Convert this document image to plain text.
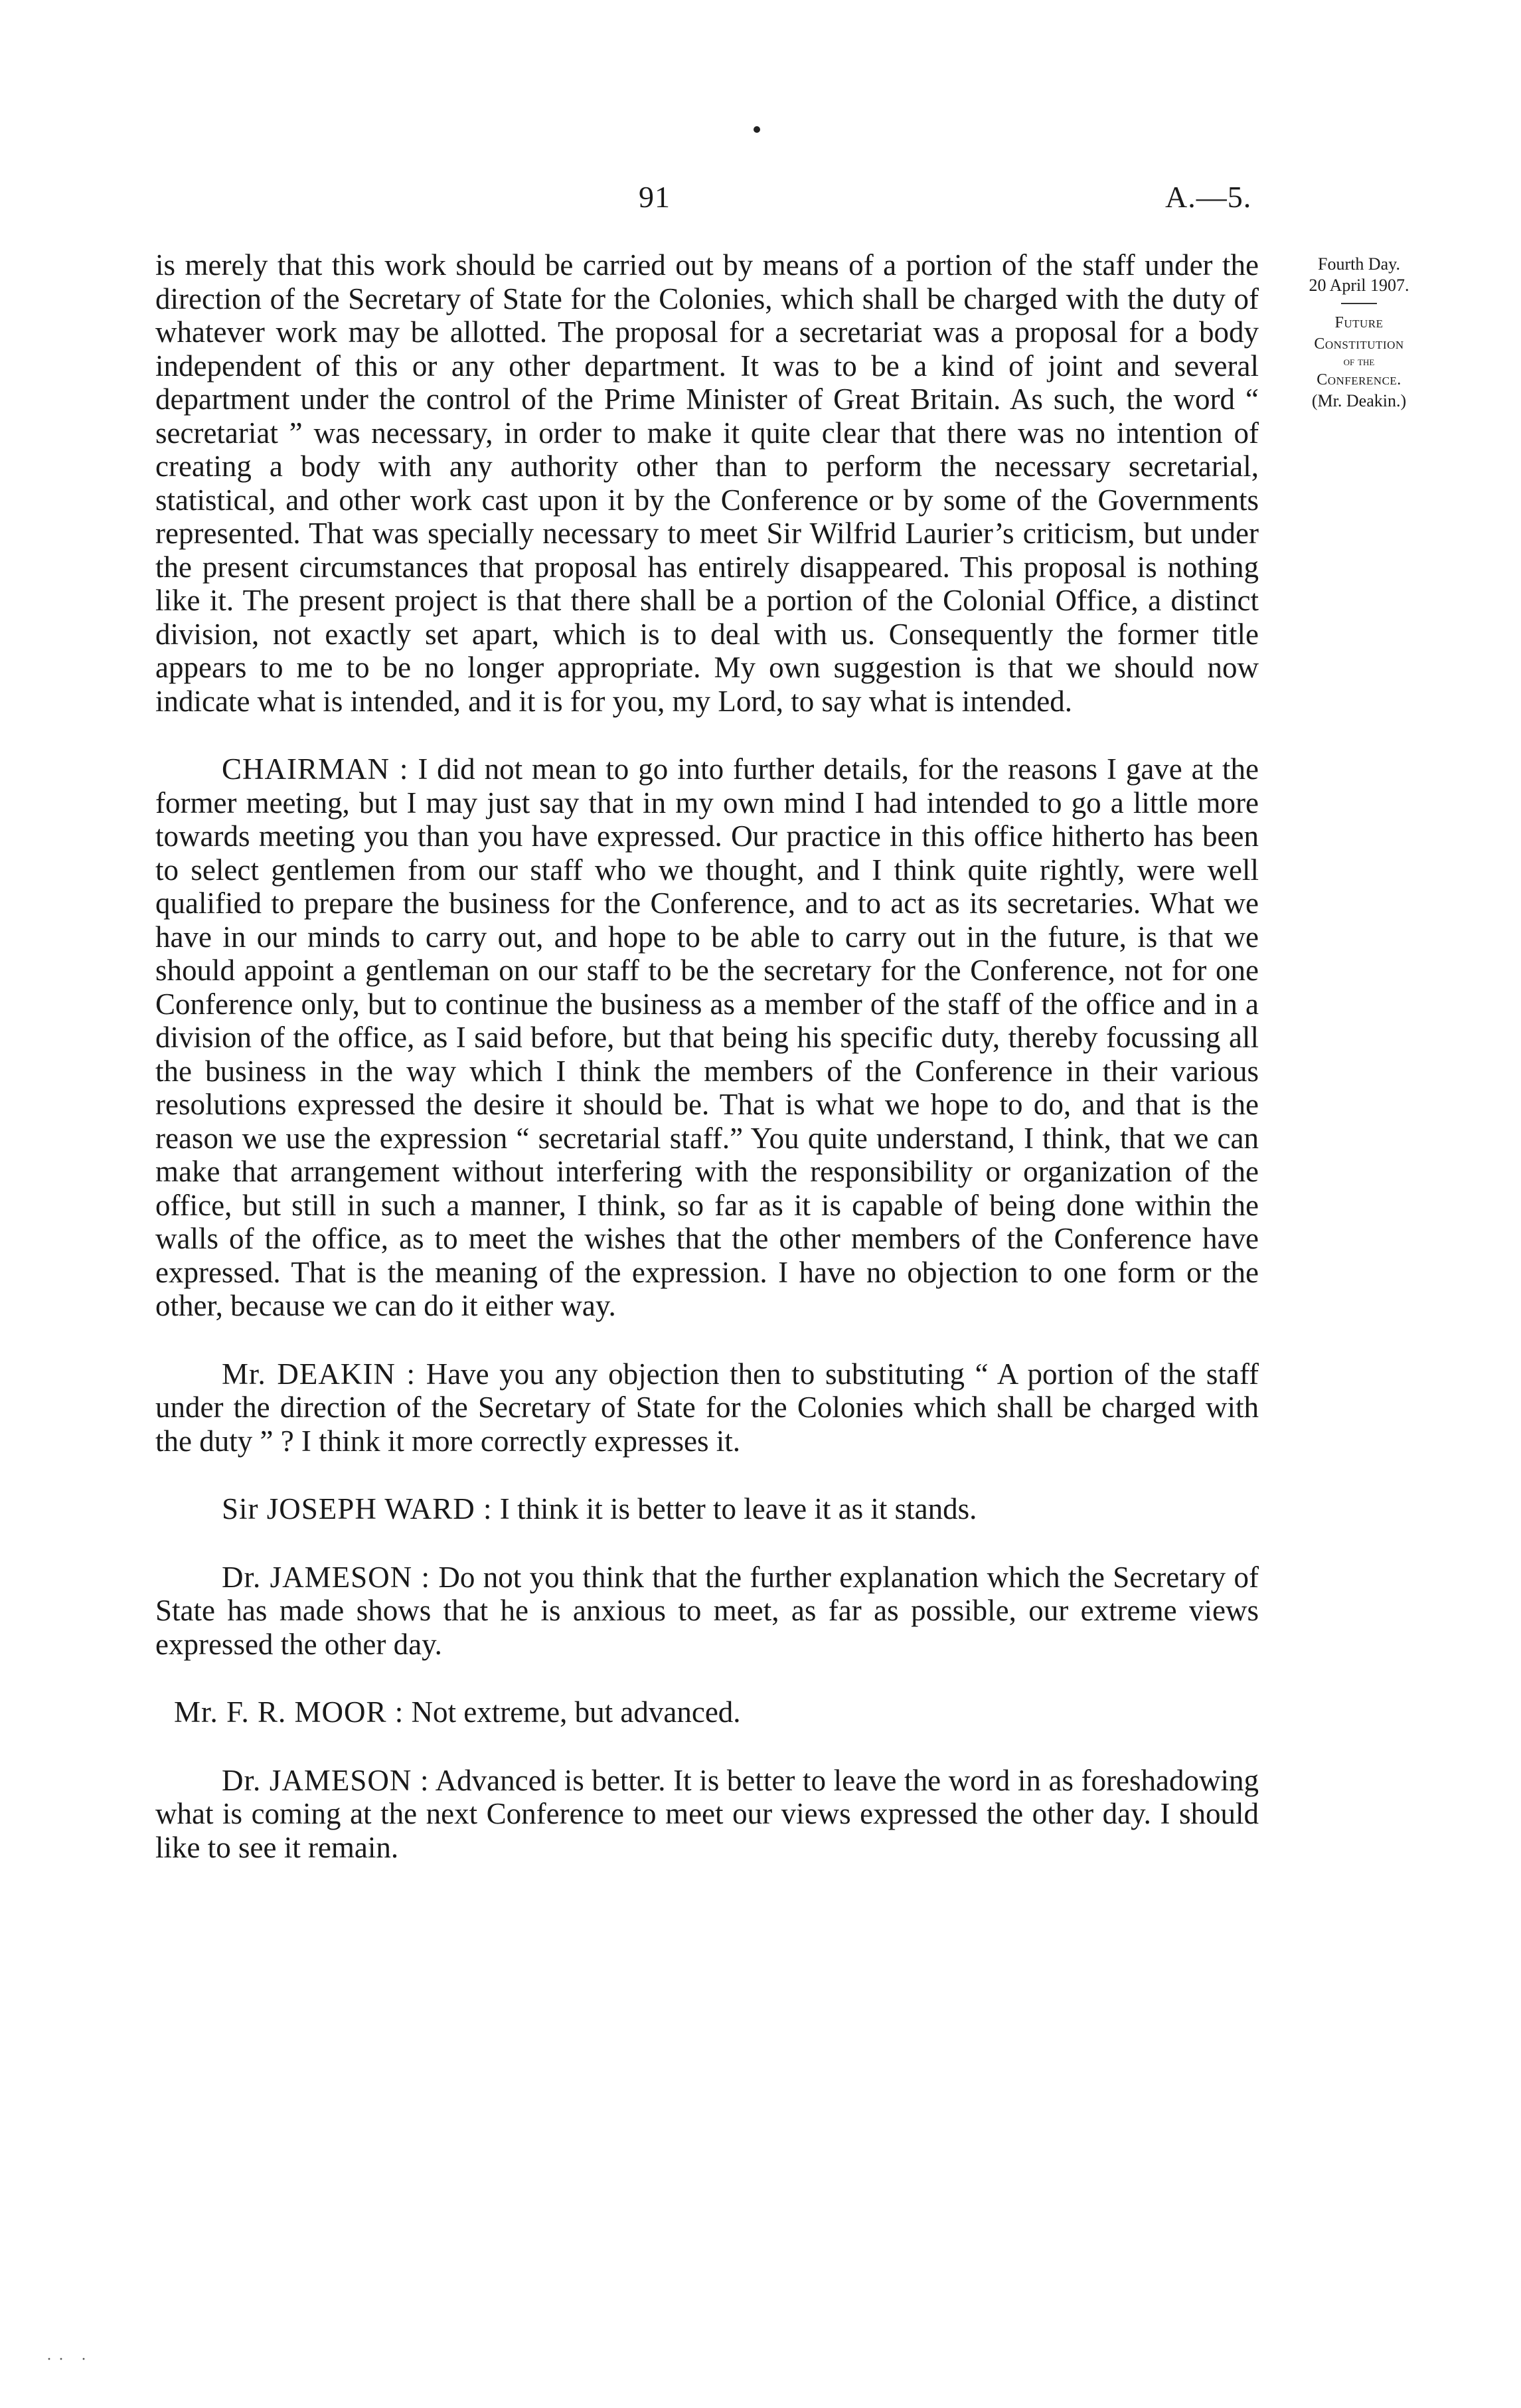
91	A.—5.
Fourth Day.
20 April 1907.
Future
Constitution
of the
Conference.
(Mr. Deakin.)

is merely that this work should be carried out by means of a portion of the staff under the direction of the Secretary of State for the Colonies, which shall be charged with the duty of whatever work may be allotted. The proposal for a secretariat was a proposal for a body independent of this or any other department. It was to be a kind of joint and several department under the control of the Prime Minister of Great Britain. As such, the word “ secretariat ” was necessary, in order to make it quite clear that there was no intention of creating a body with any authority other than to perform the necessary secretarial, statistical, and other work cast upon it by the Conference or by some of the Governments represented. That was specially necessary to meet Sir Wilfrid Laurier’s criticism, but under the present circumstances that proposal has entirely disappeared. This proposal is nothing like it. The present project is that there shall be a portion of the Colonial Office, a distinct division, not exactly set apart, which is to deal with us. Consequently the former title appears to me to be no longer appropriate. My own suggestion is that we should now indicate what is intended, and it is for you, my Lord, to say what is intended.

CHAIRMAN : I did not mean to go into further details, for the reasons I gave at the former meeting, but I may just say that in my own mind I had intended to go a little more towards meeting you than you have expressed. Our practice in this office hitherto has been to select gentlemen from our staff who we thought, and I think quite rightly, were well qualified to prepare the business for the Conference, and to act as its secretaries. What we have in our minds to carry out, and hope to be able to carry out in the future, is that we should appoint a gentleman on our staff to be the secretary for the Conference, not for one Conference only, but to continue the business as a member of the staff of the office and in a division of the office, as I said before, but that being his specific duty, thereby focussing all the business in the way which I think the members of the Conference in their various resolutions expressed the desire it should be. That is what we hope to do, and that is the reason we use the expression “ secretarial staff.” You quite understand, I think, that we can make that arrangement without interfering with the responsibility or organization of the office, but still in such a manner, I think, so far as it is capable of being done within the walls of the office, as to meet the wishes that the other members of the Conference have expressed. That is the meaning of the expression. I have no objection to one form or the other, because we can do it either way.

Mr. DEAKIN : Have you any objection then to substituting “ A portion of the staff under the direction of the Secretary of State for the Colonies which shall be charged with the duty ” ? I think it more correctly expresses it.

Sir JOSEPH WARD : I think it is better to leave it as it stands.

Dr. JAMESON : Do not you think that the further explanation which the Secretary of State has made shows that he is anxious to meet, as far as possible, our extreme views expressed the other day.

Mr. F. R. MOOR : Not extreme, but advanced.

Dr. JAMESON : Advanced is better. It is better to leave the word in as foreshadowing what is coming at the next Conference to meet our views expressed the other day. I should like to see it remain.

·· ·
